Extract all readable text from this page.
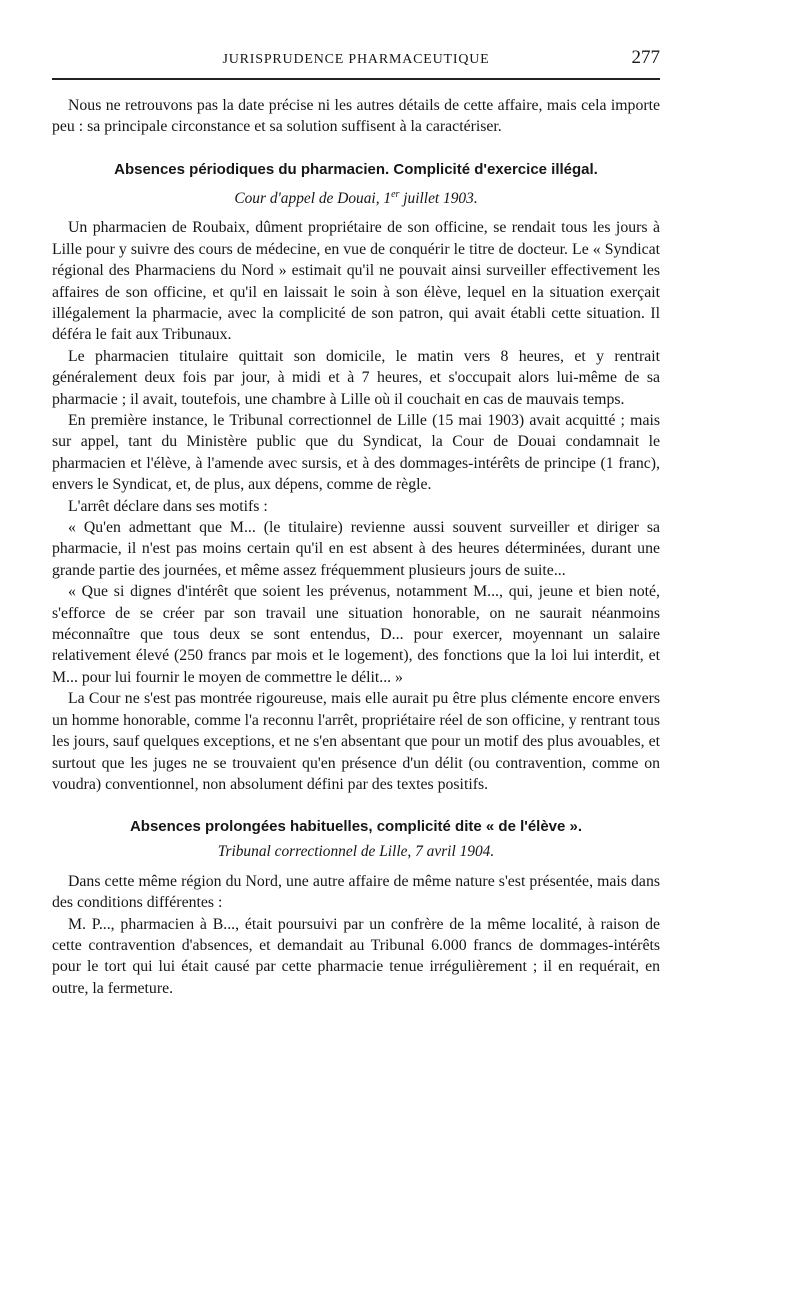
JURISPRUDENCE PHARMACEUTIQUE	277

Nous ne retrouvons pas la date précise ni les autres détails de cette affaire, mais cela importe peu : sa principale circonstance et sa solution suffisent à la caractériser.

Absences périodiques du pharmacien. Complicité d'exercice illégal.
Cour d'appel de Douai, 1er juillet 1903.

Un pharmacien de Roubaix, dûment propriétaire de son officine, se rendait tous les jours à Lille pour y suivre des cours de médecine, en vue de conquérir le titre de docteur. Le « Syndicat régional des Pharmaciens du Nord » estimait qu'il ne pouvait ainsi surveiller effectivement les affaires de son officine, et qu'il en laissait le soin à son élève, lequel en la situation exerçait illégalement la pharmacie, avec la complicité de son patron, qui avait établi cette situation. Il déféra le fait aux Tribunaux.

Le pharmacien titulaire quittait son domicile, le matin vers 8 heures, et y rentrait généralement deux fois par jour, à midi et à 7 heures, et s'occupait alors lui-même de sa pharmacie ; il avait, toutefois, une chambre à Lille où il couchait en cas de mauvais temps.

En première instance, le Tribunal correctionnel de Lille (15 mai 1903) avait acquitté ; mais sur appel, tant du Ministère public que du Syndicat, la Cour de Douai condamnait le pharmacien et l'élève, à l'amende avec sursis, et à des dommages-intérêts de principe (1 franc), envers le Syndicat, et, de plus, aux dépens, comme de règle.

L'arrêt déclare dans ses motifs :

« Qu'en admettant que M... (le titulaire) revienne aussi souvent surveiller et diriger sa pharmacie, il n'est pas moins certain qu'il en est absent à des heures déterminées, durant une grande partie des journées, et même assez fréquemment plusieurs jours de suite...

« Que si dignes d'intérêt que soient les prévenus, notamment M..., qui, jeune et bien noté, s'efforce de se créer par son travail une situation honorable, on ne saurait néanmoins méconnaître que tous deux se sont entendus, D... pour exercer, moyennant un salaire relativement élevé (250 francs par mois et le logement), des fonctions que la loi lui interdit, et M... pour lui fournir le moyen de commettre le délit... »

La Cour ne s'est pas montrée rigoureuse, mais elle aurait pu être plus clémente encore envers un homme honorable, comme l'a reconnu l'arrêt, propriétaire réel de son officine, y rentrant tous les jours, sauf quelques exceptions, et ne s'en absentant que pour un motif des plus avouables, et surtout que les juges ne se trouvaient qu'en présence d'un délit (ou contravention, comme on voudra) conventionnel, non absolument défini par des textes positifs.

Absences prolongées habituelles, complicité dite « de l'élève ».
Tribunal correctionnel de Lille, 7 avril 1904.

Dans cette même région du Nord, une autre affaire de même nature s'est présentée, mais dans des conditions différentes :

M. P..., pharmacien à B..., était poursuivi par un confrère de la même localité, à raison de cette contravention d'absences, et demandait au Tribunal 6.000 francs de dommages-intérêts pour le tort qui lui était causé par cette pharmacie tenue irrégulièrement ; il en requérait, en outre, la fermeture.
